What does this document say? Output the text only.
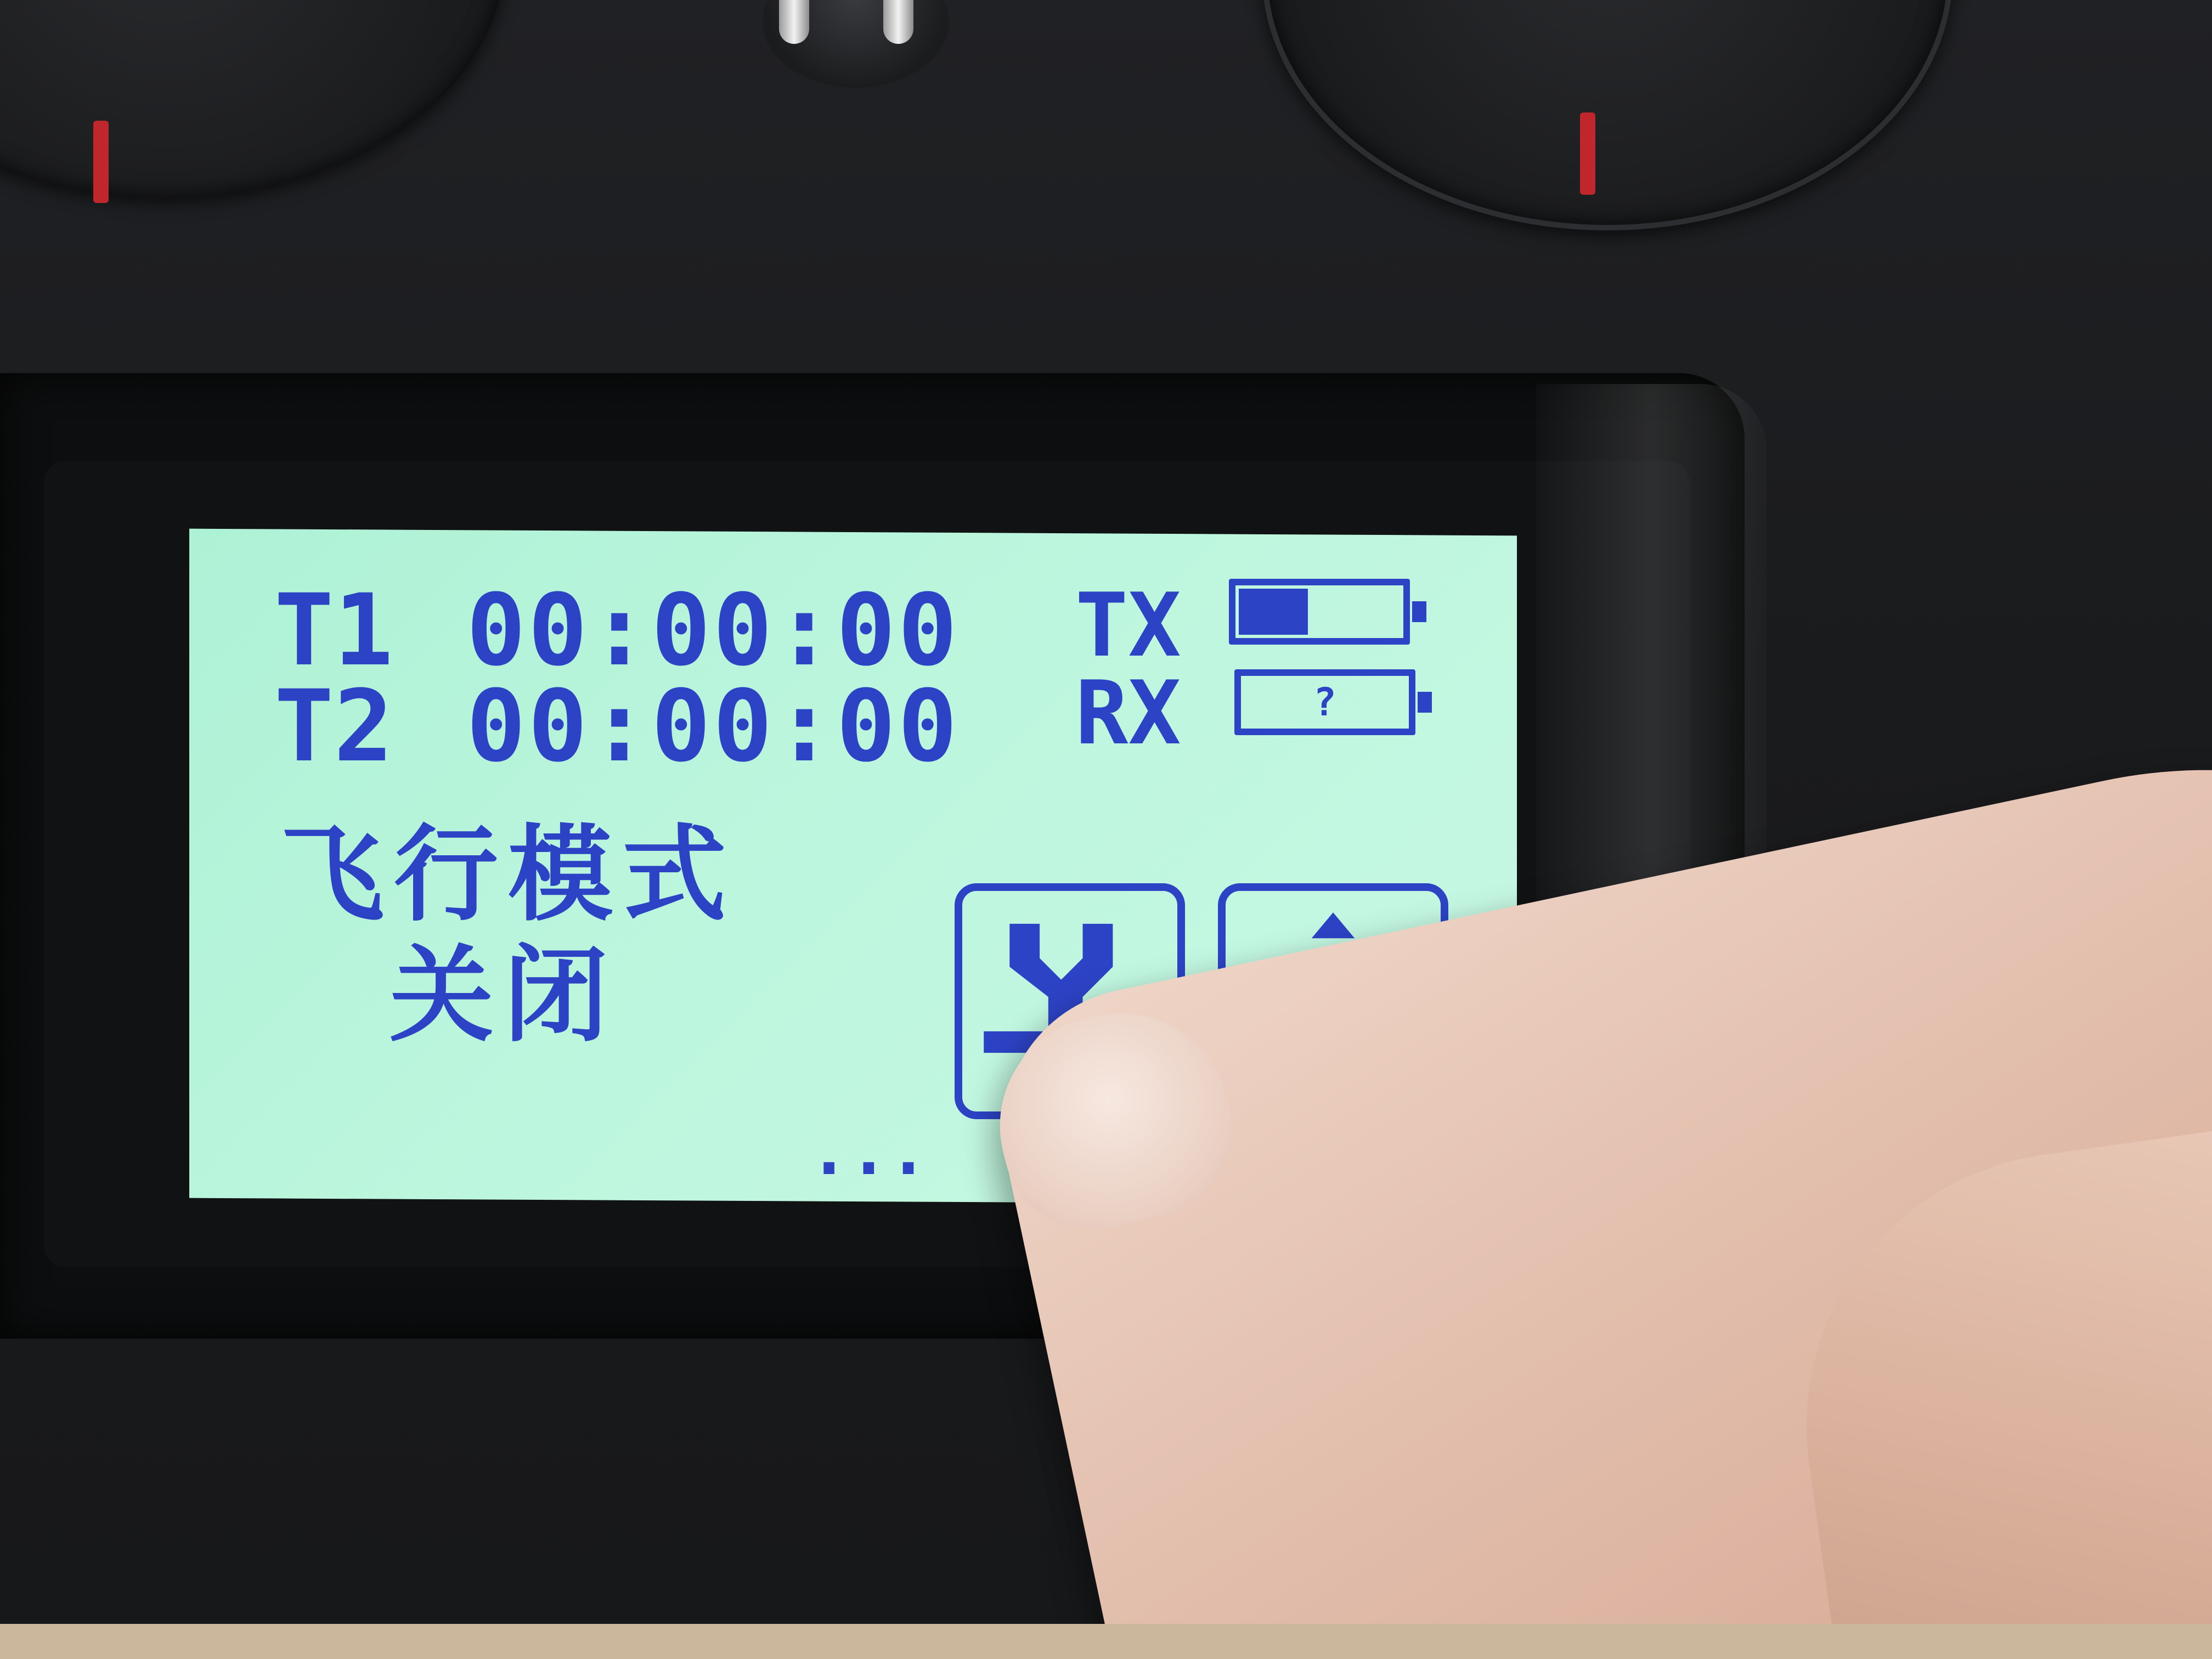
T1 00:00:00
T2 00:00:00
TX
RX	?
飞行模式
关闭
...
